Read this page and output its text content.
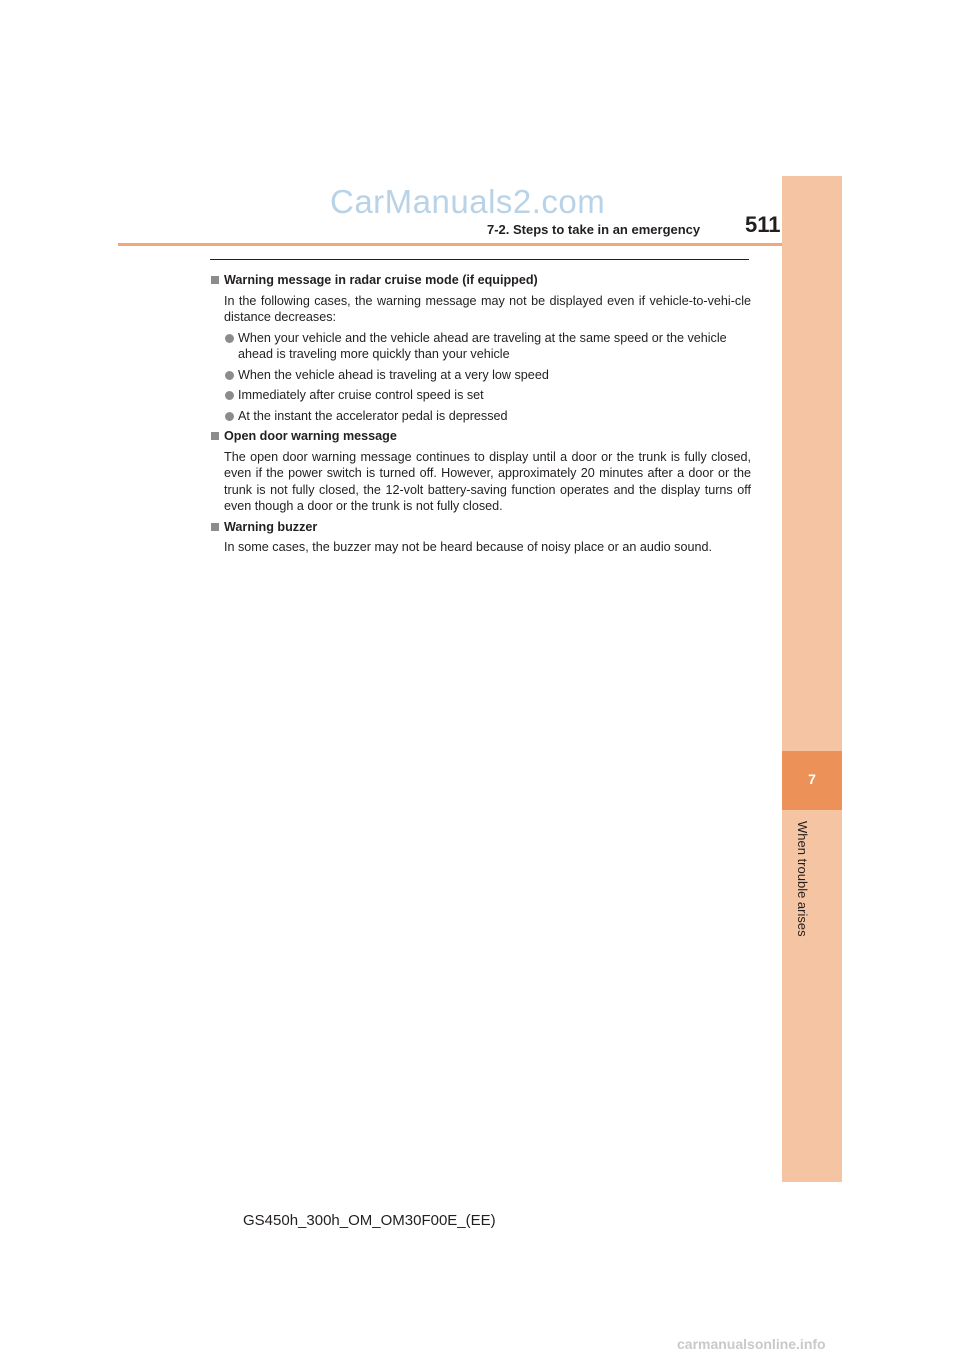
CarManuals2.com
7
When trouble arises
7-2. Steps to take in an emergency 511
Warning message in radar cruise mode (if equipped)
In the following cases, the warning message may not be displayed even if vehicle-to-vehi-cle distance decreases:
When your vehicle and the vehicle ahead are traveling at the same speed or the vehicle ahead is traveling more quickly than your vehicle
When the vehicle ahead is traveling at a very low speed
Immediately after cruise control speed is set
At the instant the accelerator pedal is depressed
Open door warning message
The open door warning message continues to display until a door or the trunk is fully closed, even if the power switch is turned off. However, approximately 20 minutes after a door or the trunk is not fully closed, the 12-volt battery-saving function operates and the display turns off even though a door or the trunk is not fully closed.
Warning buzzer
In some cases, the buzzer may not be heard because of noisy place or an audio sound.
GS450h_300h_OM_OM30F00E_(EE)
carmanualsonline.info
